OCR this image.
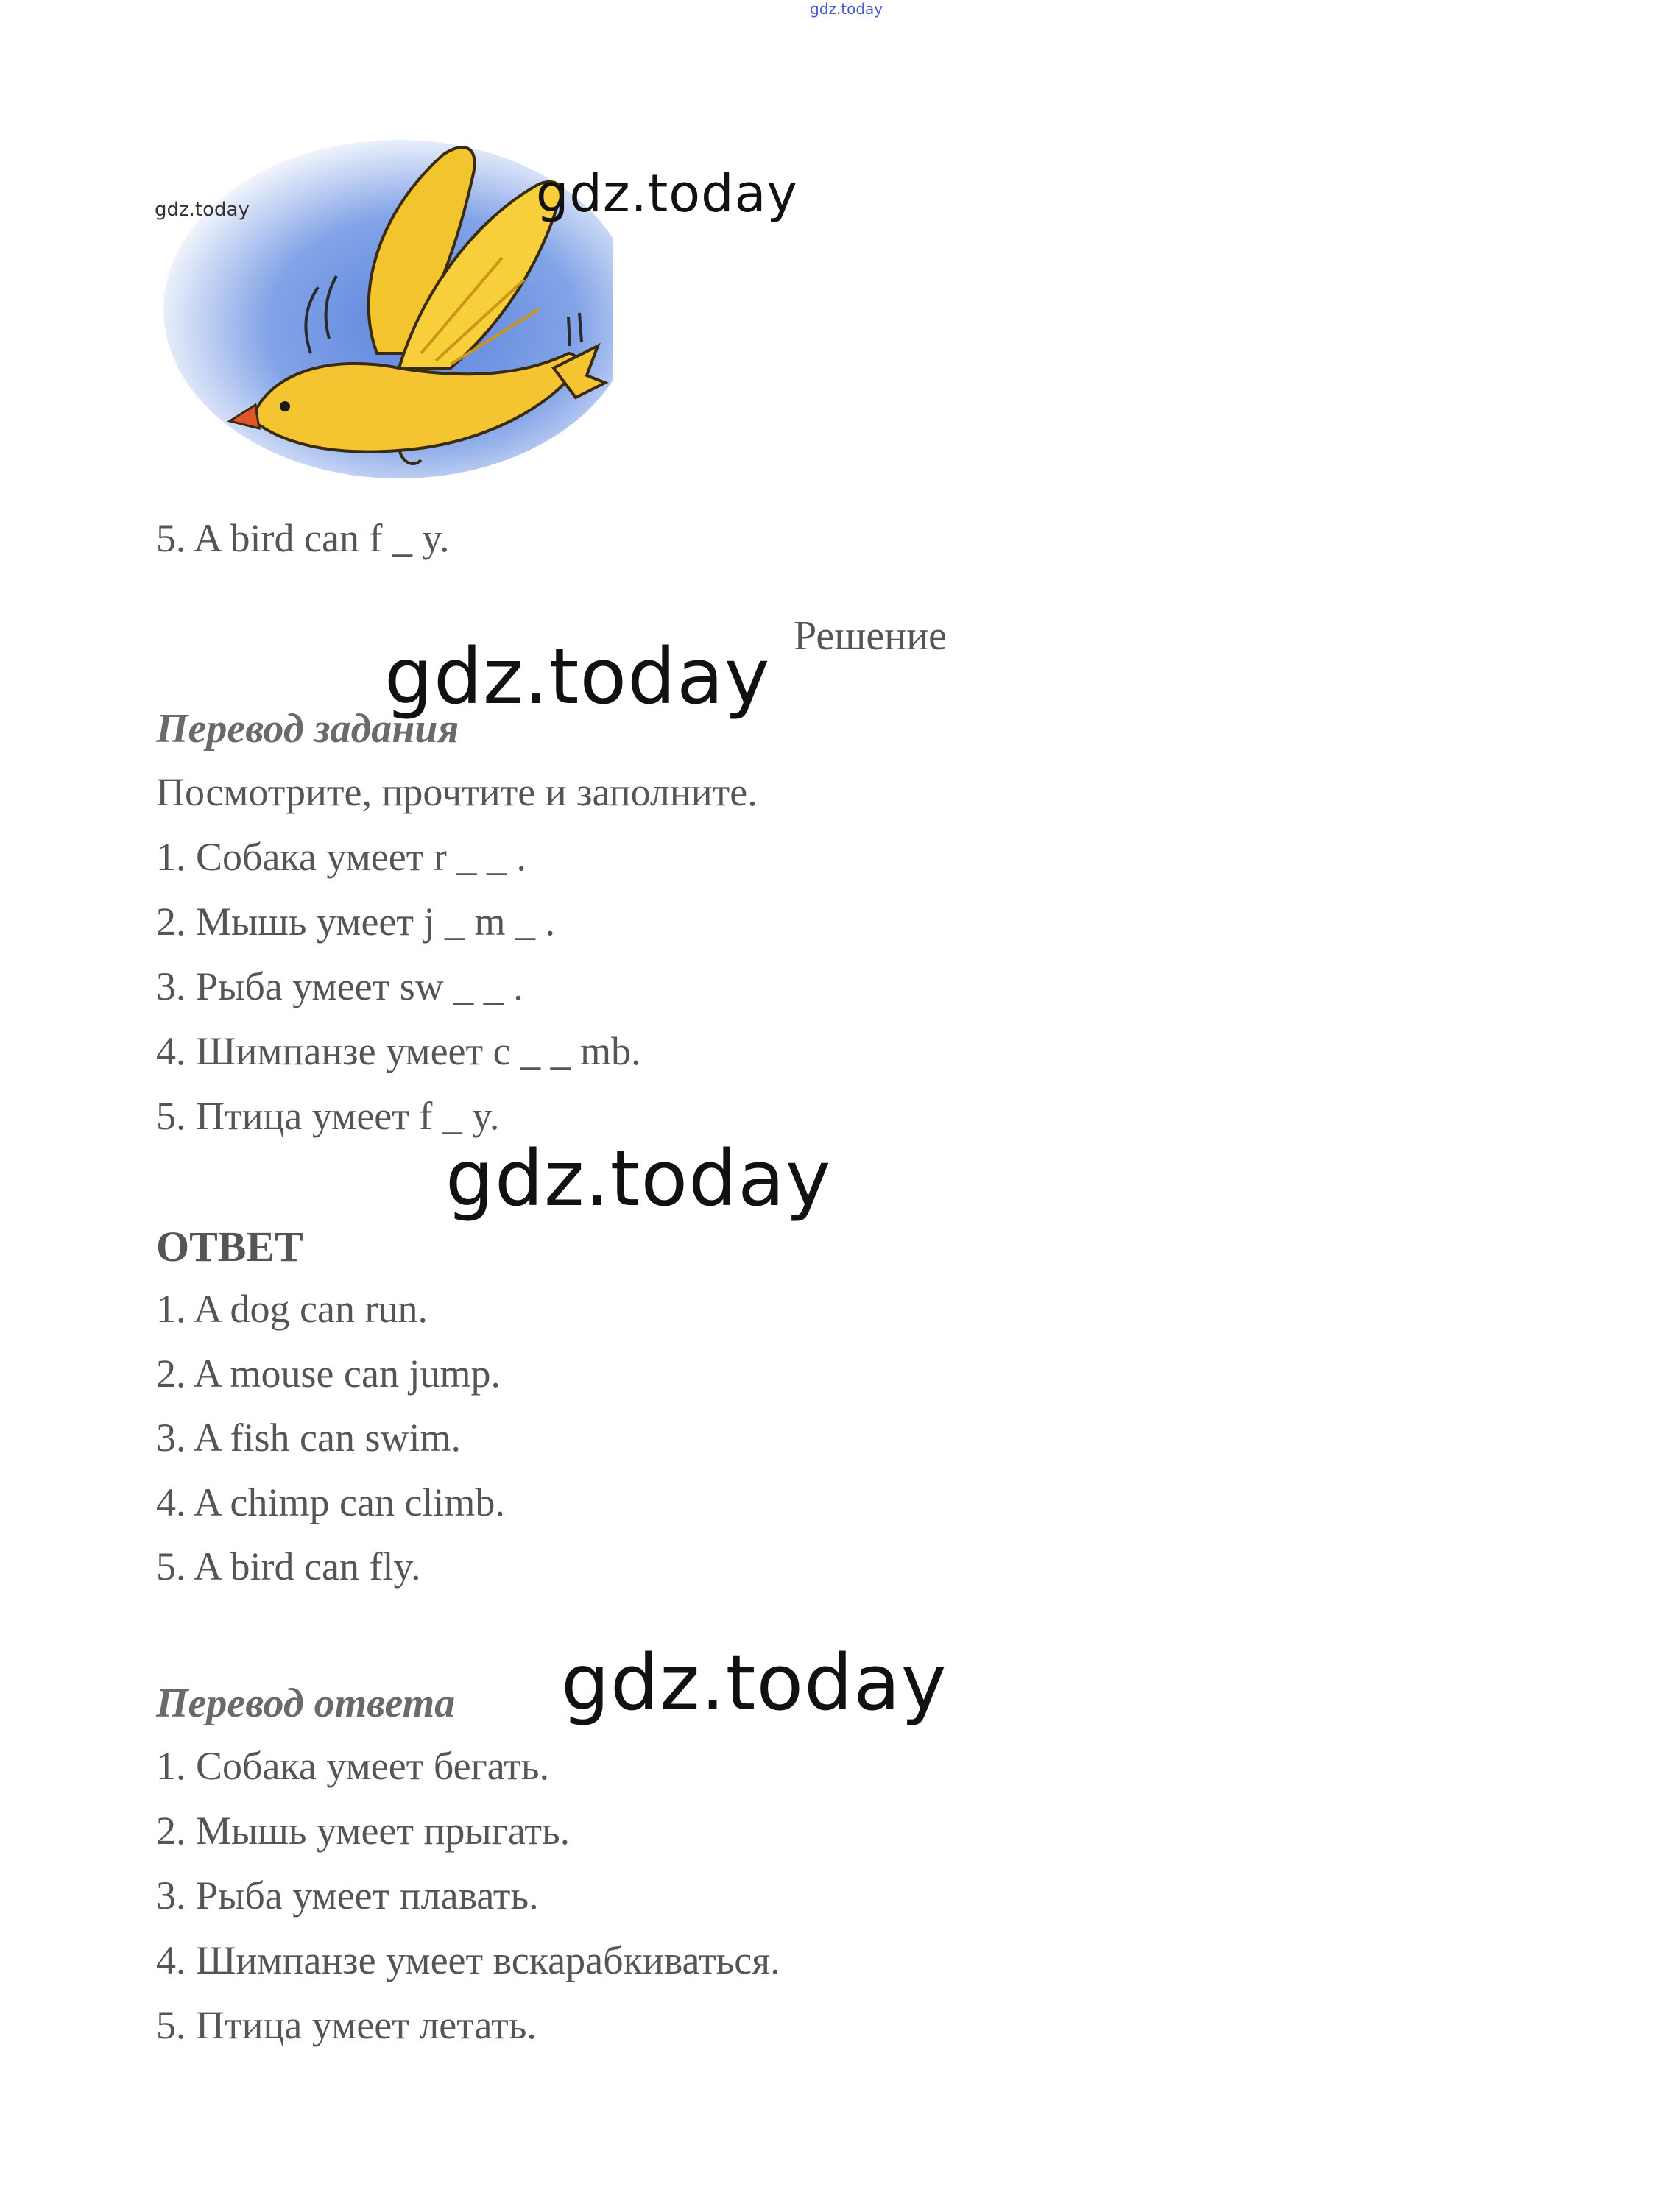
gdz.today
gdz.today	gdz.today
5. A bird can f _ y.
Решение
gdz.today
Перевод задания
Посмотрите, прочтите и заполните.
1. Собака умеет r _ _ .
2. Мышь умеет j _ m _ .
3. Рыба умеет sw _ _ .
4. Шимпанзе умеет c _ _ mb.
5. Птица умеет f _ y.
gdz.today
ОТВЕТ
1. A dog can run.
2. A mouse can jump.
3. A fish can swim.
4. A chimp can climb.
5. A bird can fly.
Перевод ответа gdz.today
1. Собака умеет бегать.
2. Мышь умеет прыгать.
3. Рыба умеет плавать.
4. Шимпанзе умеет вскарабкиваться.
5. Птица умеет летать.
